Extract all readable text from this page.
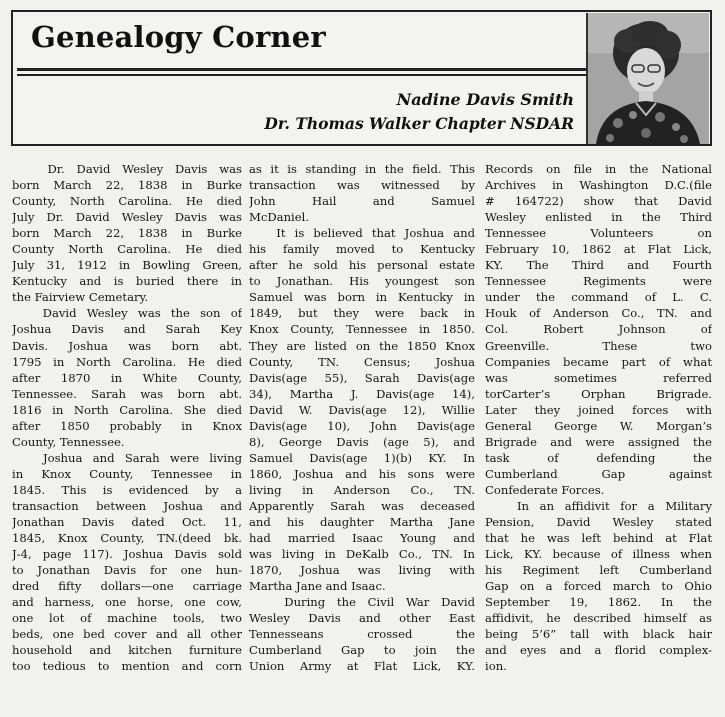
Genealogy Corner
Nadine Davis Smith
Dr. Thomas Walker Chapter NSDAR
Dr. David Wesley Davis was
born March 22, 1838 in Burke
County, North Carolina. He died
July Dr. David Wesley Davis was
born March 22, 1838 in Burke
County North Carolina. He died
July 31, 1912 in Bowling Green,
Kentucky and is buried there in
the Fairview Cemetary.
David Wesley was the son of
Joshua Davis and Sarah Key
Davis. Joshua was born abt.
1795 in North Carolina. He died
after 1870 in White County,
Tennessee. Sarah was born abt.
1816 in North Carolina. She died
after 1850 probably in Knox
County, Tennessee.
Joshua and Sarah were living
in Knox County, Tennessee in
1845. This is evidenced by a
transaction between Joshua and
Jonathan Davis dated Oct. 11,
1845, Knox County, TN.(deed bk.
J-4, page 117). Joshua Davis sold
to Jonathan Davis for one hun-
dred fifty dollars—one carriage
and harness, one horse, one cow,
one lot of machine tools, two
beds, one bed cover and all other
household and kitchen furniture
too tedious to mention and corn
as it is standing in the field. This
transaction was witnessed by
John Hail and Samuel
McDaniel.
It is believed that Joshua and
his family moved to Kentucky
after he sold his personal estate
to Jonathan. His youngest son
Samuel was born in Kentucky in
1849, but they were back in
Knox County, Tennessee in 1850.
They are listed on the 1850 Knox
County, TN. Census; Joshua
Davis(age 55), Sarah Davis(age
34), Martha J. Davis(age 14),
David W. Davis(age 12), Willie
Davis(age 10), John Davis(age
8), George Davis (age 5), and
Samuel Davis(age 1)(b) KY. In
1860, Joshua and his sons were
living in Anderson Co., TN.
Apparently Sarah was deceased
and his daughter Martha Jane
had married Isaac Young and
was living in DeKalb Co., TN. In
1870, Joshua was living with
Martha Jane and Isaac.
During the Civil War David
Wesley Davis and other East
Tennesseans crossed the
Cumberland Gap to join the
Union Army at Flat Lick, KY.
Records on file in the National
Archives in Washington D.C.(file
# 164722) show that David
Wesley enlisted in the Third
Tennessee Volunteers on
February 10, 1862 at Flat Lick,
KY. The Third and Fourth
Tennessee Regiments were
under the command of L. C.
Houk of Anderson Co., TN. and
Col. Robert Johnson of
Greenville. These two
Companies became part of what
was sometimes referred
torCarter’s Orphan Brigrade.
Later they joined forces with
General George W. Morgan’s
Brigrade and were assigned the
task of defending the
Cumberland Gap against
Confederate Forces.
In an affidivit for a Military
Pension, David Wesley stated
that he was left behind at Flat
Lick, KY. because of illness when
his Regiment left Cumberland
Gap on a forced march to Ohio
September 19, 1862. In the
affidivit, he described himself as
being 5’6” tall with black hair
and eyes and a florid complex-
ion.
